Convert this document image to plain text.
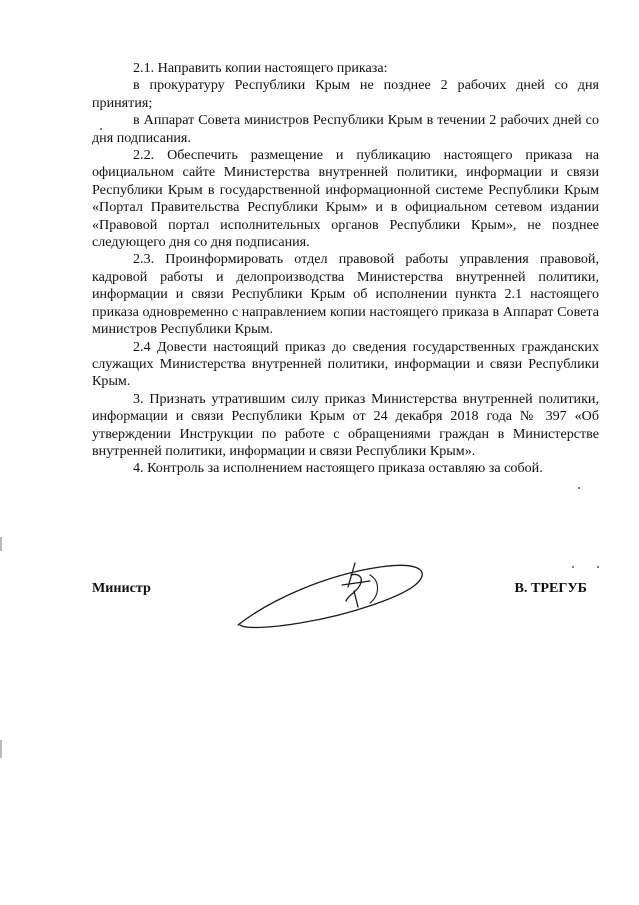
2.1. Направить копии настоящего приказа:

в прокуратуру Республики Крым не позднее 2 рабочих дней со дня принятия;

в Аппарат Совета министров Республики Крым в течении 2 рабочих дней со дня подписания.

2.2. Обеспечить размещение и публикацию настоящего приказа на официальном сайте Министерства внутренней политики, информации и связи Республики Крым в государственной информационной системе Республики Крым «Портал Правительства Республики Крым» и в официальном сетевом издании «Правовой портал исполнительных органов Республики Крым», не позднее следующего дня со дня подписания.

2.3. Проинформировать отдел правовой работы управления правовой, кадровой работы и делопроизводства Министерства внутренней политики, информации и связи Республики Крым об исполнении пункта 2.1 настоящего приказа одновременно с направлением копии настоящего приказа в Аппарат Совета министров Республики Крым.

2.4 Довести настоящий приказ до сведения государственных гражданских служащих Министерства внутренней политики, информации и связи Республики Крым.

3. Признать утратившим силу приказ Министерства внутренней политики, информации и связи Республики Крым от 24 декабря 2018 года № 397 «Об утверждении Инструкции по работе с обращениями граждан в Министерстве внутренней политики, информации и связи Республики Крым».

4. Контроль за исполнением настоящего приказа оставляю за собой.

Министр	В. ТРЕГУБ
